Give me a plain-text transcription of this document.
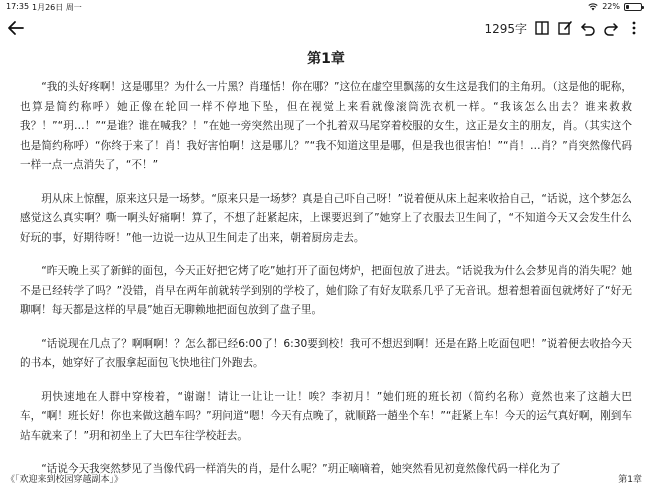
17:35 1月26日 周一	22%
1295字
第1章

“我的头好疼啊！这是哪里？为什么一片黑？肖瑾恬！你在哪？”这位在虚空里飘荡的女生这是我们的主角玥。（这是他的昵称，也算是简约称呼）她正像在轮回一样不停地下坠，但在视觉上来看就像滚筒洗衣机一样。“我该怎么出去？谁来救救我？！”“玥…！”“是谁？谁在喊我？！”在她一旁突然出现了一个扎着双马尾穿着校服的女生，这正是女主的朋友，肖。（其实这个也是简约称呼）“你终于来了！肖！我好害怕啊！这是哪儿？”“我不知道这里是哪，但是我也很害怕！”“肖！…肖？”肖突然像代码一样一点一点消失了，“不！”

玥从床上惊醒，原来这只是一场梦。“原来只是一场梦？真是自己吓自己呀！”说着便从床上起来收拾自己，“话说，这个梦怎么感觉这么真实啊？嘶一啊头好痛啊！算了，不想了赶紧起床，上课要迟到了”她穿上了衣服去卫生间了，“不知道今天又会发生什么好玩的事，好期待呀！”他一边说一边从卫生间走了出来，朝着厨房走去。

“昨天晚上买了新鲜的面包，今天正好把它烤了吃”她打开了面包烤炉，把面包放了进去。“话说我为什么会梦见肖的消失呢？她不是已经转学了吗？”没错，肖早在两年前就转学到别的学校了，她们除了有好友联系几乎了无音讯。想着想着面包就烤好了“好无聊啊！每天都是这样的早晨”她百无聊赖地把面包放到了盘子里。

“话说现在几点了？啊啊啊！？怎么都已经6:00了！6:30要到校！我可不想迟到啊！还是在路上吃面包吧！”说着便去收拾今天的书本，她穿好了衣服拿起面包飞快地往门外跑去。

玥快速地在人群中穿梭着，“谢谢！请让一让让一让！唉？李初月！”她们班的班长初（简约名称）竟然也来了这趟大巴车，“啊！班长好！你也来做这趟车吗？”玥问道“嗯！今天有点晚了，就顺路一趟坐个车！”“赶紧上车！今天的运气真好啊，刚到车站车就来了！”玥和初坐上了大巴车往学校赶去。

“话说今天我突然梦见了当像代码一样消失的肖，是什么呢？”玥正嘀嘀着，她突然看见初竟然像代码一样化为了

《「欢迎来到校园穿越副本」》	第1章
